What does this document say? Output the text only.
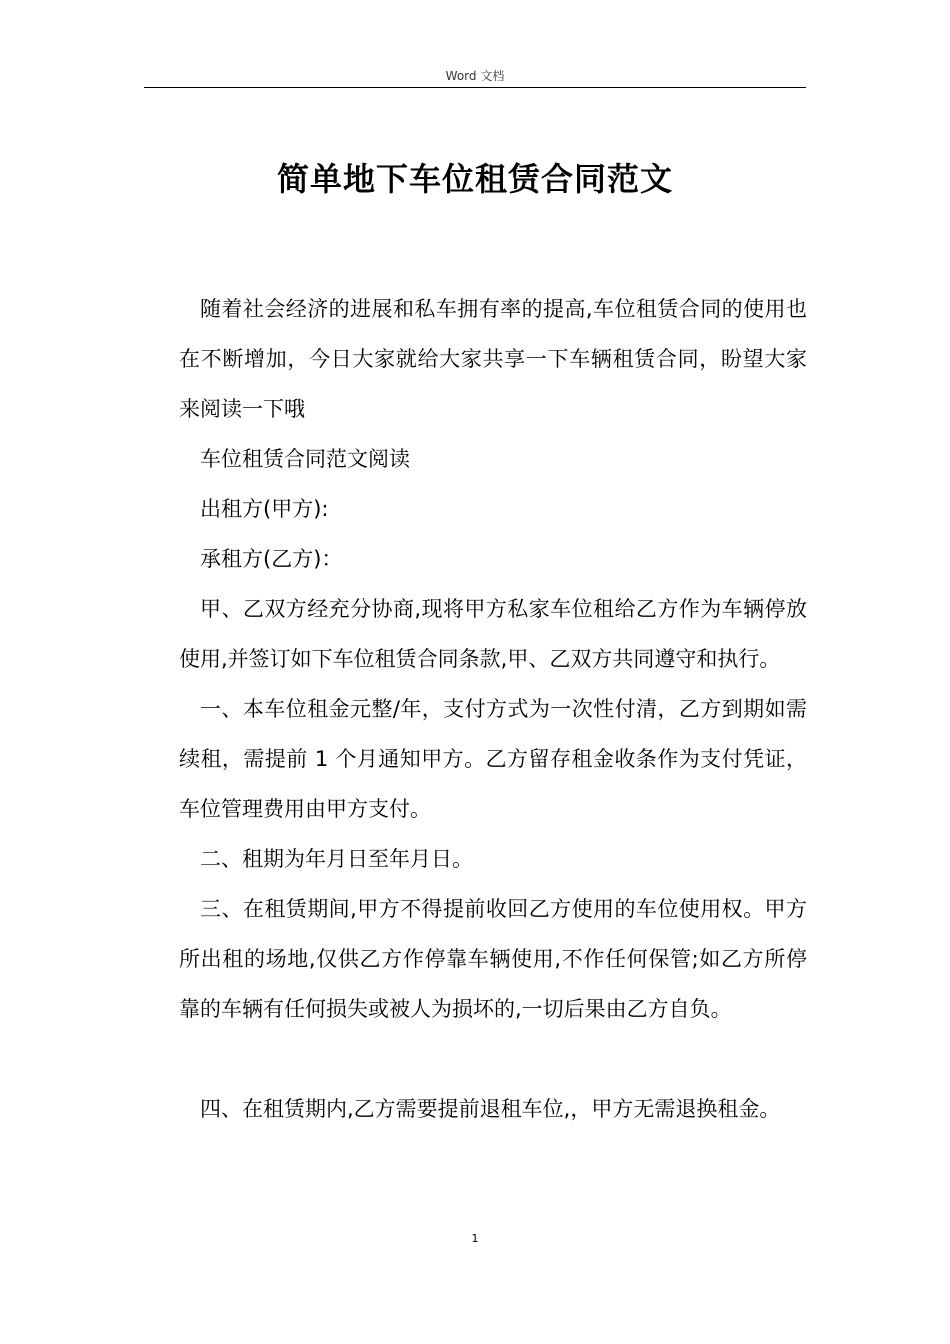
Word 文档
简单地下车位租赁合同范文

随着社会经济的进展和私车拥有率的提高,车位租赁合同的使用也在不断增加，今日大家就给大家共享一下车辆租赁合同，盼望大家来阅读一下哦

车位租赁合同范文阅读

出租方(甲方):

承租方(乙方)：

甲、乙双方经充分协商,现将甲方私家车位租给乙方作为车辆停放使用,并签订如下车位租赁合同条款,甲、乙双方共同遵守和执行。

一、本车位租金元整/年，支付方式为一次性付清，乙方到期如需续租，需提前 1 个月通知甲方。乙方留存租金收条作为支付凭证，车位管理费用由甲方支付。

二、租期为年月日至年月日。

三、在租赁期间,甲方不得提前收回乙方使用的车位使用权。甲方所出租的场地,仅供乙方作停靠车辆使用,不作任何保管;如乙方所停靠的车辆有任何损失或被人为损坏的,一切后果由乙方自负。

四、在租赁期内,乙方需要提前退租车位,，甲方无需退换租金。

1
